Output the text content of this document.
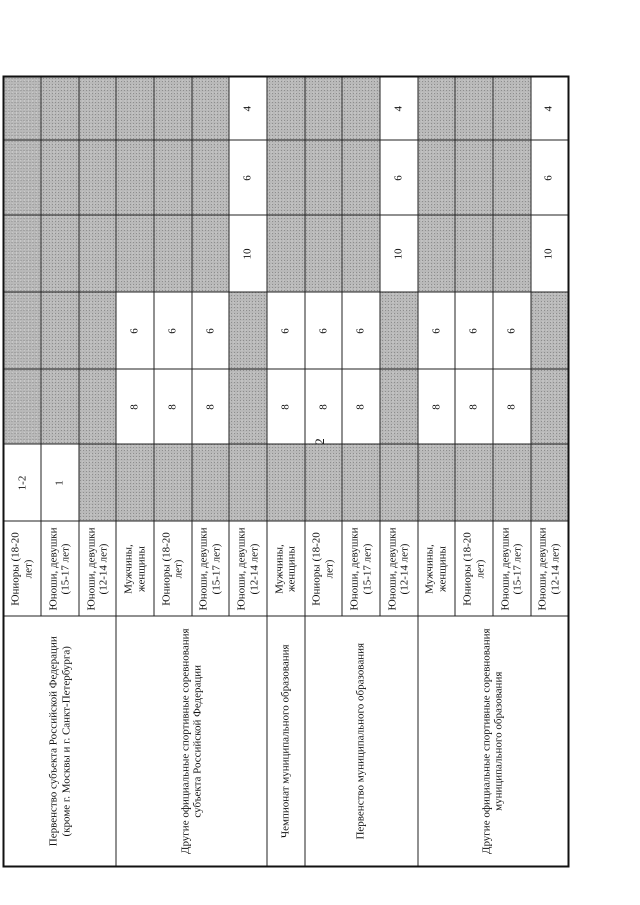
Первенство субъекта Российской Федерации (кроме г. Москвы и г. Санкт-Петербурга)	Юниоры (18-20 лет)	1-2					
	Юноши, девушки (15-17 лет)	1					
	Юноши, девушки (12-14 лет)						
Другие официальные спортивные соревнования субъекта Российской Федерации	Мужчины, женщины		8	6			
	Юниоры (18-20 лет)		8	6			
	Юноши, девушки (15-17 лет)		8	6			
	Юноши, девушки (12-14 лет)				10	6	4
Чемпионат муниципального образования	Мужчины, женщины		8	6			
Первенство муниципального образования	Юниоры (18-20 лет)		8	6			
	Юноши, девушки (15-17 лет)		8	6			
	Юноши, девушки (12-14 лет)				10	6	4
Другие официальные спортивные соревнования муниципального образования	Мужчины, женщины		8	6			
	Юниоры (18-20 лет)		8	6			
	Юноши, девушки (15-17 лет)		8	6			
	Юноши, девушки (12-14 лет)				10	6	4
